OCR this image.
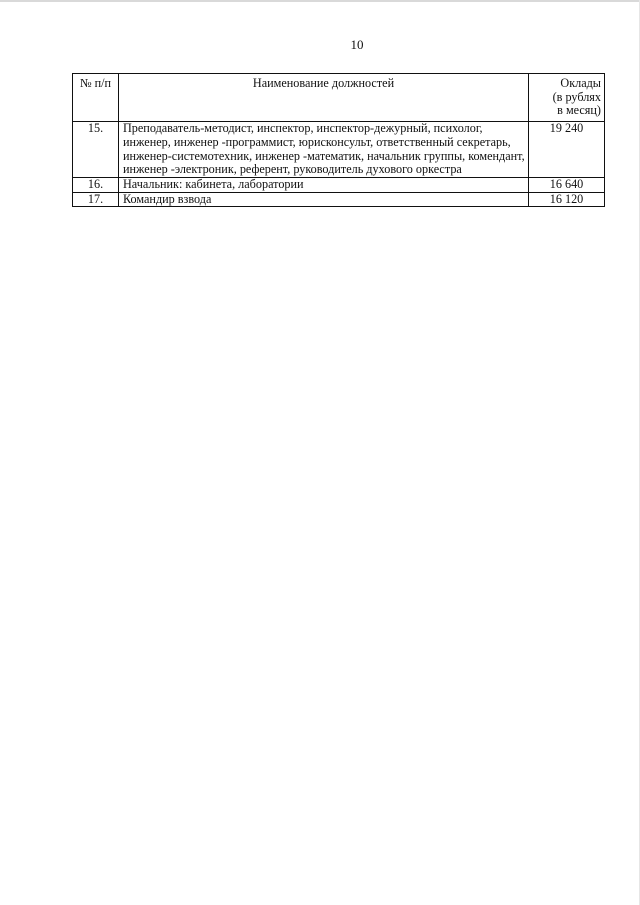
10
№ п/п	Наименование должностей	Оклады
(в рублях
в месяц)
15.	Преподаватель-методист, инспектор, инспектор-дежурный, психолог, инженер, инженер -программист, юрисконсульт, ответственный секретарь, инженер-системотехник, инженер -математик, начальник группы, комендант, инженер -электроник, референт, руководитель духового оркестра	19 240
16.	Начальник: кабинета, лаборатории	16 640
17.	Командир взвода	16 120
